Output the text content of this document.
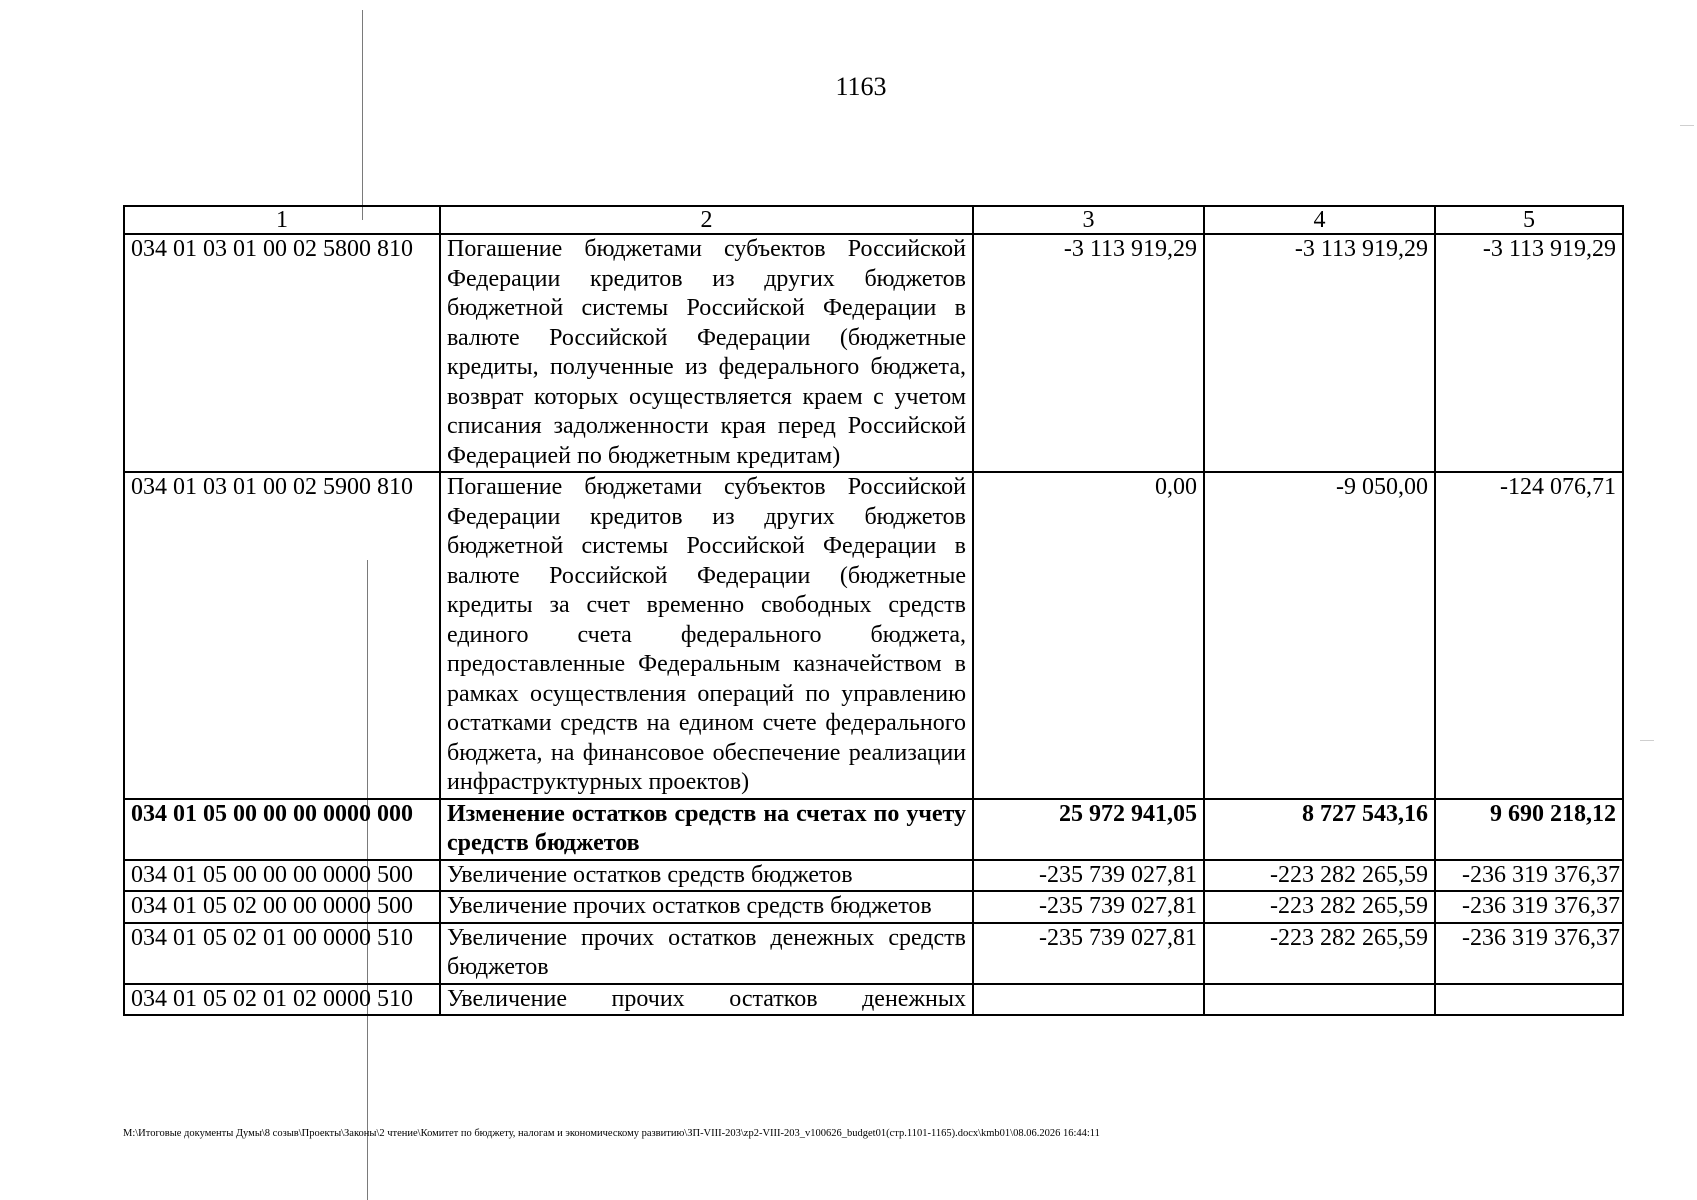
1163
1	2	3	4	5
034 01 03 01 00 02 5800 810	Погашение бюджетами субъектов Российской Федерации кредитов из других бюджетов бюджетной системы Российской Федерации в валюте Российской Федерации (бюджетные кредиты, полученные из федерального бюджета, возврат которых осуществляется краем с учетом списания задолженности края перед Российской Федерацией по бюджетным кредитам)	-3 113 919,29	-3 113 919,29	-3 113 919,29
034 01 03 01 00 02 5900 810	Погашение бюджетами субъектов Российской Федерации кредитов из других бюджетов бюджетной системы Российской Федерации в валюте Российской Федерации (бюджетные кредиты за счет временно свободных средств единого счета федерального бюджета, предоставленные Федеральным казначейством в рамках осуществления операций по управлению остатками средств на едином счете федерального бюджета, на финансовое обеспечение реализации инфраструктурных проектов)	0,00	-9 050,00	-124 076,71
034 01 05 00 00 00 0000 000	Изменение остатков средств на счетах по учету средств бюджетов	25 972 941,05	8 727 543,16	9 690 218,12
034 01 05 00 00 00 0000 500	Увеличение остатков средств бюджетов	-235 739 027,81	-223 282 265,59	-236 319 376,37
034 01 05 02 00 00 0000 500	Увеличение прочих остатков средств бюджетов	-235 739 027,81	-223 282 265,59	-236 319 376,37
034 01 05 02 01 00 0000 510	Увеличение прочих остатков денежных средств бюджетов	-235 739 027,81	-223 282 265,59	-236 319 376,37
034 01 05 02 01 02 0000 510	Увеличение прочих остатков денежных			
М:\Итоговые документы Думы\8 созыв\Проекты\Законы\2 чтение\Комитет по бюджету, налогам и экономическому развитию\ЗП-VIII-203\zp2-VIII-203_v100626_budget01(стр.1101-1165).docx\kmb01\08.06.2026 16:44:11
